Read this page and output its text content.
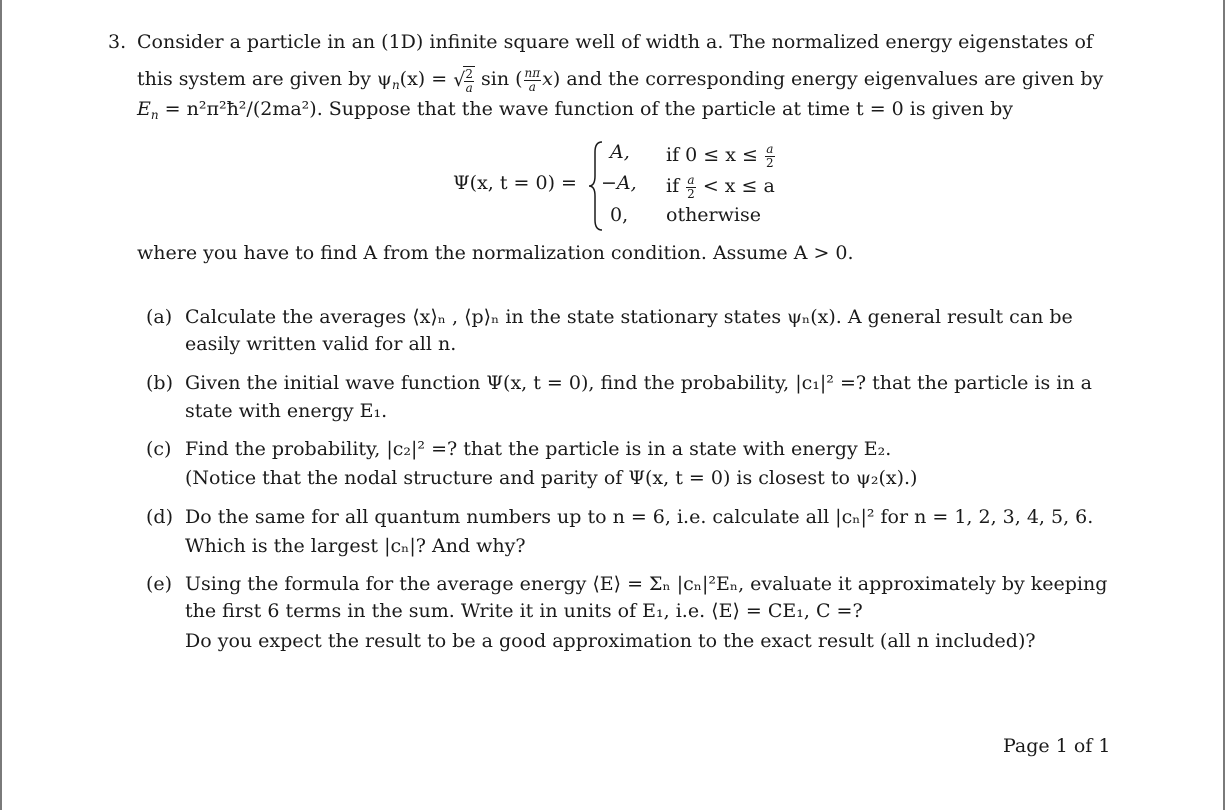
3. Consider a particle in an (1D) infinite square well of width a. The normalized energy eigenstates of
this system are given by $\psi_n(x)$ = √ $\frac{2}{a}$ sin ( $\frac{n\pi}{a} x$) and the corresponding energy eigenvalues are given by
$E_n$ = n²π²ħ²/(2ma²). Suppose that the wave function of the particle at time t = 0 is given by
Ψ(x, t = 0) =
A, if $0 \le x \le \frac{a}{2}$
−A, if $\frac{a}{2} < x \le a$
0, otherwise
where you have to find A from the normalization condition. Assume A > 0.
(a) Calculate the averages ⟨x⟩ₙ , ⟨p⟩ₙ in the state stationary states ψₙ(x). A general result can be
easily written valid for all n.
(b) Given the initial wave function Ψ(x, t = 0), find the probability, |c₁|² =? that the particle is in a
state with energy E₁.
(c) Find the probability, |c₂|² =? that the particle is in a state with energy E₂.
(Notice that the nodal structure and parity of Ψ(x, t = 0) is closest to ψ₂(x).)
(d) Do the same for all quantum numbers up to n = 6, i.e. calculate all |cₙ|² for n = 1, 2, 3, 4, 5, 6.
Which is the largest |cₙ|? And why?
(e) Using the formula for the average energy ⟨E⟩ = Σₙ |cₙ|²Eₙ, evaluate it approximately by keeping
the first 6 terms in the sum. Write it in units of E₁, i.e. ⟨E⟩ = CE₁, C =?
Do you expect the result to be a good approximation to the exact result (all n included)?
Page 1 of 1
